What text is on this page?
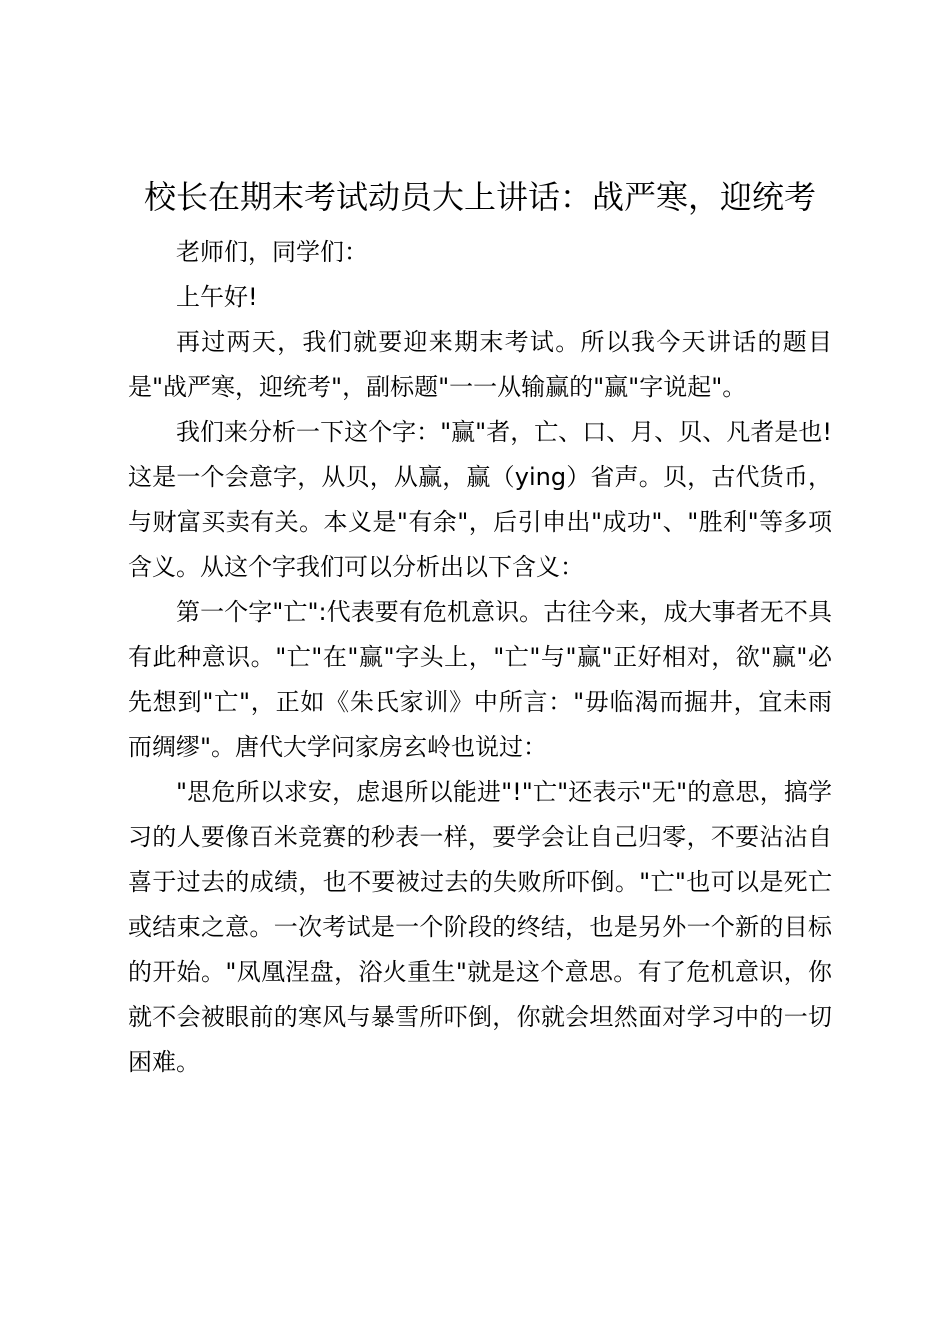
校长在期末考试动员大上讲话：战严寒，迎统考

老师们，同学们：

上午好!

再过两天，我们就要迎来期末考试。所以我今天讲话的题目是"战严寒，迎统考"，副标题"一一从输赢的"赢"字说起"。

我们来分析一下这个字："赢"者，亡、口、月、贝、凡者是也!这是一个会意字，从贝，从赢，赢（ying）省声。贝，古代货币，与财富买卖有关。本义是"有余"，后引申出"成功"、"胜利"等多项含义。从这个字我们可以分析出以下含义：

第一个字"亡":代表要有危机意识。古往今来，成大事者无不具有此种意识。"亡"在"赢"字头上，"亡"与"赢"正好相对，欲"赢"必先想到"亡"，正如《朱氏家训》中所言："毋临渴而掘井，宜未雨而绸缪"。唐代大学问家房玄岭也说过：

"思危所以求安，虑退所以能进"!"亡"还表示"无"的意思，搞学习的人要像百米竞赛的秒表一样，要学会让自己归零，不要沾沾自喜于过去的成绩，也不要被过去的失败所吓倒。"亡"也可以是死亡或结束之意。一次考试是一个阶段的终结，也是另外一个新的目标的开始。"凤凰涅盘，浴火重生"就是这个意思。有了危机意识，你就不会被眼前的寒风与暴雪所吓倒，你就会坦然面对学习中的一切困难。
